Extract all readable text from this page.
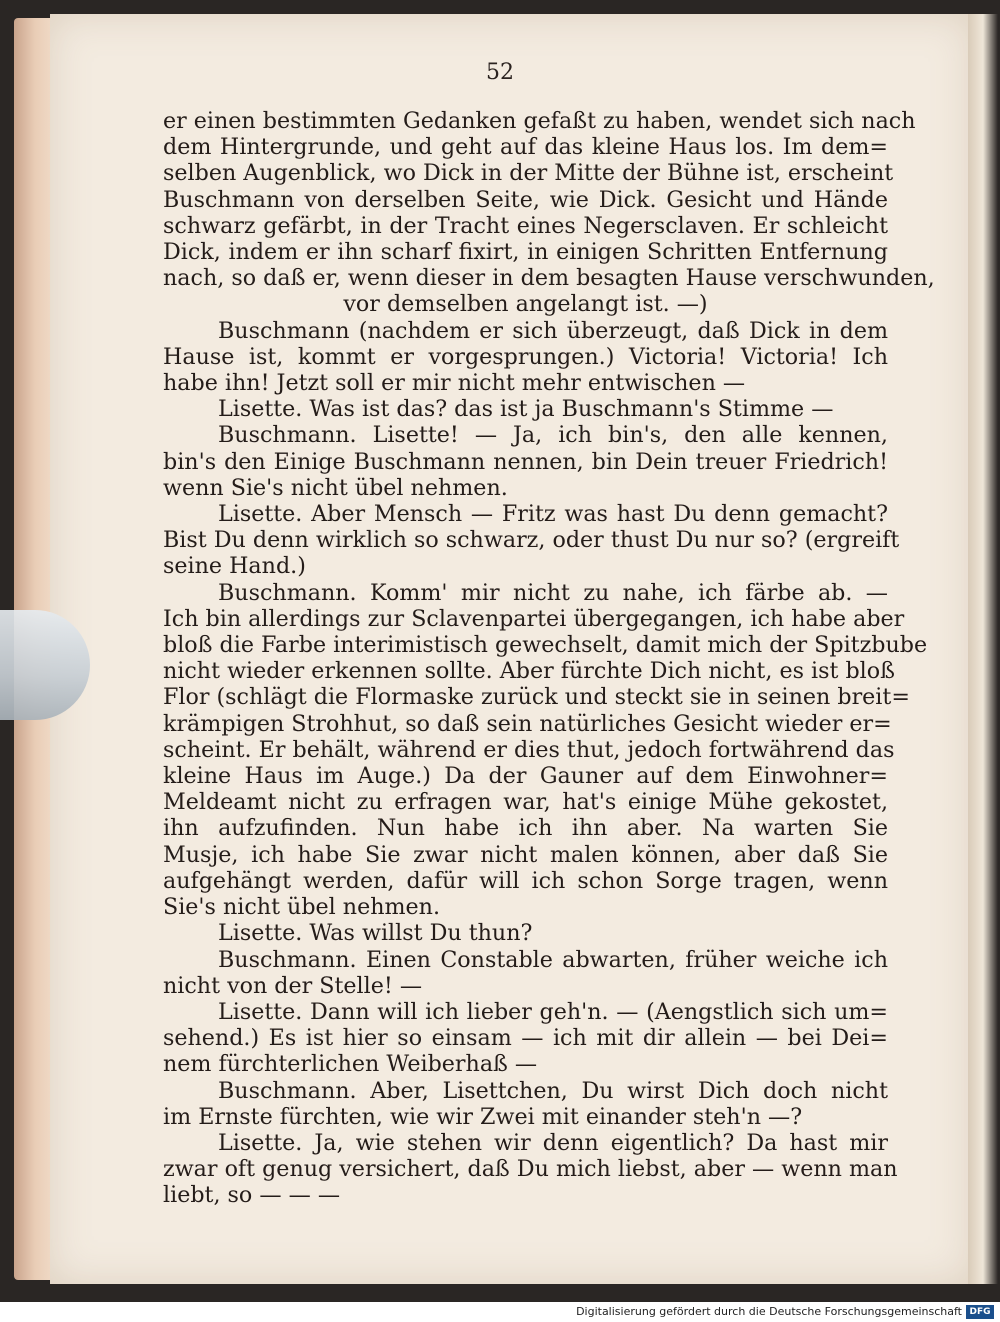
52
er einen bestimmten Gedanken gefaßt zu haben, wendet sich nach
dem Hintergrunde, und geht auf das kleine Haus los. Im dem=
selben Augenblick, wo Dick in der Mitte der Bühne ist, erscheint
Buschmann von derselben Seite, wie Dick. Gesicht und Hände
schwarz gefärbt, in der Tracht eines Negersclaven. Er schleicht
Dick, indem er ihn scharf fixirt, in einigen Schritten Entfernung
nach, so daß er, wenn dieser in dem besagten Hause verschwunden,
vor demselben angelangt ist. —)
Buschmann (nachdem er sich überzeugt, daß Dick in dem
Hause ist, kommt er vorgesprungen.) Victoria! Victoria! Ich
habe ihn! Jetzt soll er mir nicht mehr entwischen —
Lisette. Was ist das? das ist ja Buschmann's Stimme —
Buschmann. Lisette! — Ja, ich bin's, den alle kennen,
bin's den Einige Buschmann nennen, bin Dein treuer Friedrich!
wenn Sie's nicht übel nehmen.
Lisette. Aber Mensch — Fritz was hast Du denn gemacht?
Bist Du denn wirklich so schwarz, oder thust Du nur so? (ergreift
seine Hand.)
Buschmann. Komm' mir nicht zu nahe, ich färbe ab. —
Ich bin allerdings zur Sclavenpartei übergegangen, ich habe aber
bloß die Farbe interimistisch gewechselt, damit mich der Spitzbube
nicht wieder erkennen sollte. Aber fürchte Dich nicht, es ist bloß
Flor (schlägt die Flormaske zurück und steckt sie in seinen breit=
krämpigen Strohhut, so daß sein natürliches Gesicht wieder er=
scheint. Er behält, während er dies thut, jedoch fortwährend das
kleine Haus im Auge.) Da der Gauner auf dem Einwohner=
Meldeamt nicht zu erfragen war, hat's einige Mühe gekostet,
ihn aufzufinden. Nun habe ich ihn aber. Na warten Sie
Musje, ich habe Sie zwar nicht malen können, aber daß Sie
aufgehängt werden, dafür will ich schon Sorge tragen, wenn
Sie's nicht übel nehmen.
Lisette. Was willst Du thun?
Buschmann. Einen Constable abwarten, früher weiche ich
nicht von der Stelle! —
Lisette. Dann will ich lieber geh'n. — (Aengstlich sich um=
sehend.) Es ist hier so einsam — ich mit dir allein — bei Dei=
nem fürchterlichen Weiberhaß —
Buschmann. Aber, Lisettchen, Du wirst Dich doch nicht
im Ernste fürchten, wie wir Zwei mit einander steh'n —?
Lisette. Ja, wie stehen wir denn eigentlich? Da hast mir
zwar oft genug versichert, daß Du mich liebst, aber — wenn man
liebt, so — — —
Digitalisierung gefördert durch die Deutsche Forschungsgemeinschaft DFG
